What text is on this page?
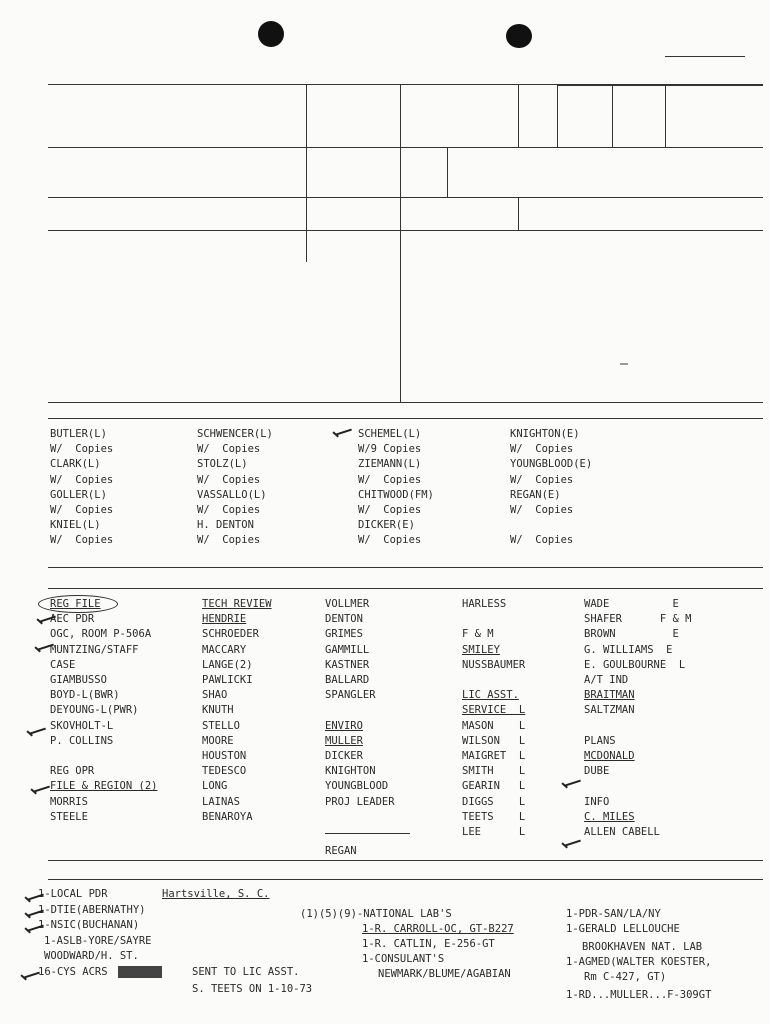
BUTLER(L)
W/  Copies
CLARK(L)
W/  Copies
GOLLER(L)
W/  Copies
KNIEL(L)
W/  Copies
SCHWENCER(L)
W/  Copies
STOLZ(L)
W/  Copies
VASSALLO(L)
W/  Copies
H. DENTON
W/  Copies
SCHEMEL(L)
W/9 Copies
ZIEMANN(L)
W/  Copies
CHITWOOD(FM)
W/  Copies
DICKER(E)
W/  Copies
KNIGHTON(E)
W/  Copies
YOUNGBLOOD(E)
W/  Copies
REGAN(E)
W/  Copies
W/  Copies
REG FILE
AEC PDR
OGC, ROOM P-506A
MUNTZING/STAFF
CASE
GIAMBUSSO
BOYD-L(BWR)
DEYOUNG-L(PWR)
SKOVHOLT-L
P. COLLINS
REG OPR
FILE & REGION (2)
MORRIS
STEELE
TECH REVIEW
HENDRIE
SCHROEDER
MACCARY
LANGE(2)
PAWLICKI
SHAO
KNUTH
STELLO
MOORE
HOUSTON
TEDESCO
LONG
LAINAS
BENAROYA
VOLLMER
DENTON
GRIMES
GAMMILL
KASTNER
BALLARD
SPANGLER
ENVIRO
MULLER
DICKER
KNIGHTON
YOUNGBLOOD
PROJ LEADER
REGAN
HARLESS
F & M
SMILEY
NUSSBAUMER
LIC ASST.
SERVICE  L
MASON    L
WILSON   L
MAIGRET  L
SMITH    L
GEARIN   L
DIGGS    L
TEETS    L
LEE      L
WADE          E
SHAFER      F & M
BROWN         E
G. WILLIAMS  E
E. GOULBOURNE  L
A/T IND
BRAITMAN
SALTZMAN
PLANS
MCDONALD
DUBE
INFO
C. MILES
ALLEN CABELL
1-LOCAL PDR
1-DTIE(ABERNATHY)
1-NSIC(BUCHANAN)
1-ASLB-YORE/SAYRE
WOODWARD/H. ST.
16-CYS ACRS
S. TEETS ON 1-10-73
Hartsville, S. C.
HOLDING	SENT TO LIC ASST.
(1)(5)(9)-NATIONAL LAB'S
1-R. CARROLL-OC, GT-B227
1-R. CATLIN, E-256-GT
1-CONSULANT'S
NEWMARK/BLUME/AGABIAN
1-PDR-SAN/LA/NY
1-GERALD LELLOUCHE
BROOKHAVEN NAT. LAB
1-AGMED(WALTER KOESTER,
Rm C-427, GT)
1-RD...MULLER...F-309GT
